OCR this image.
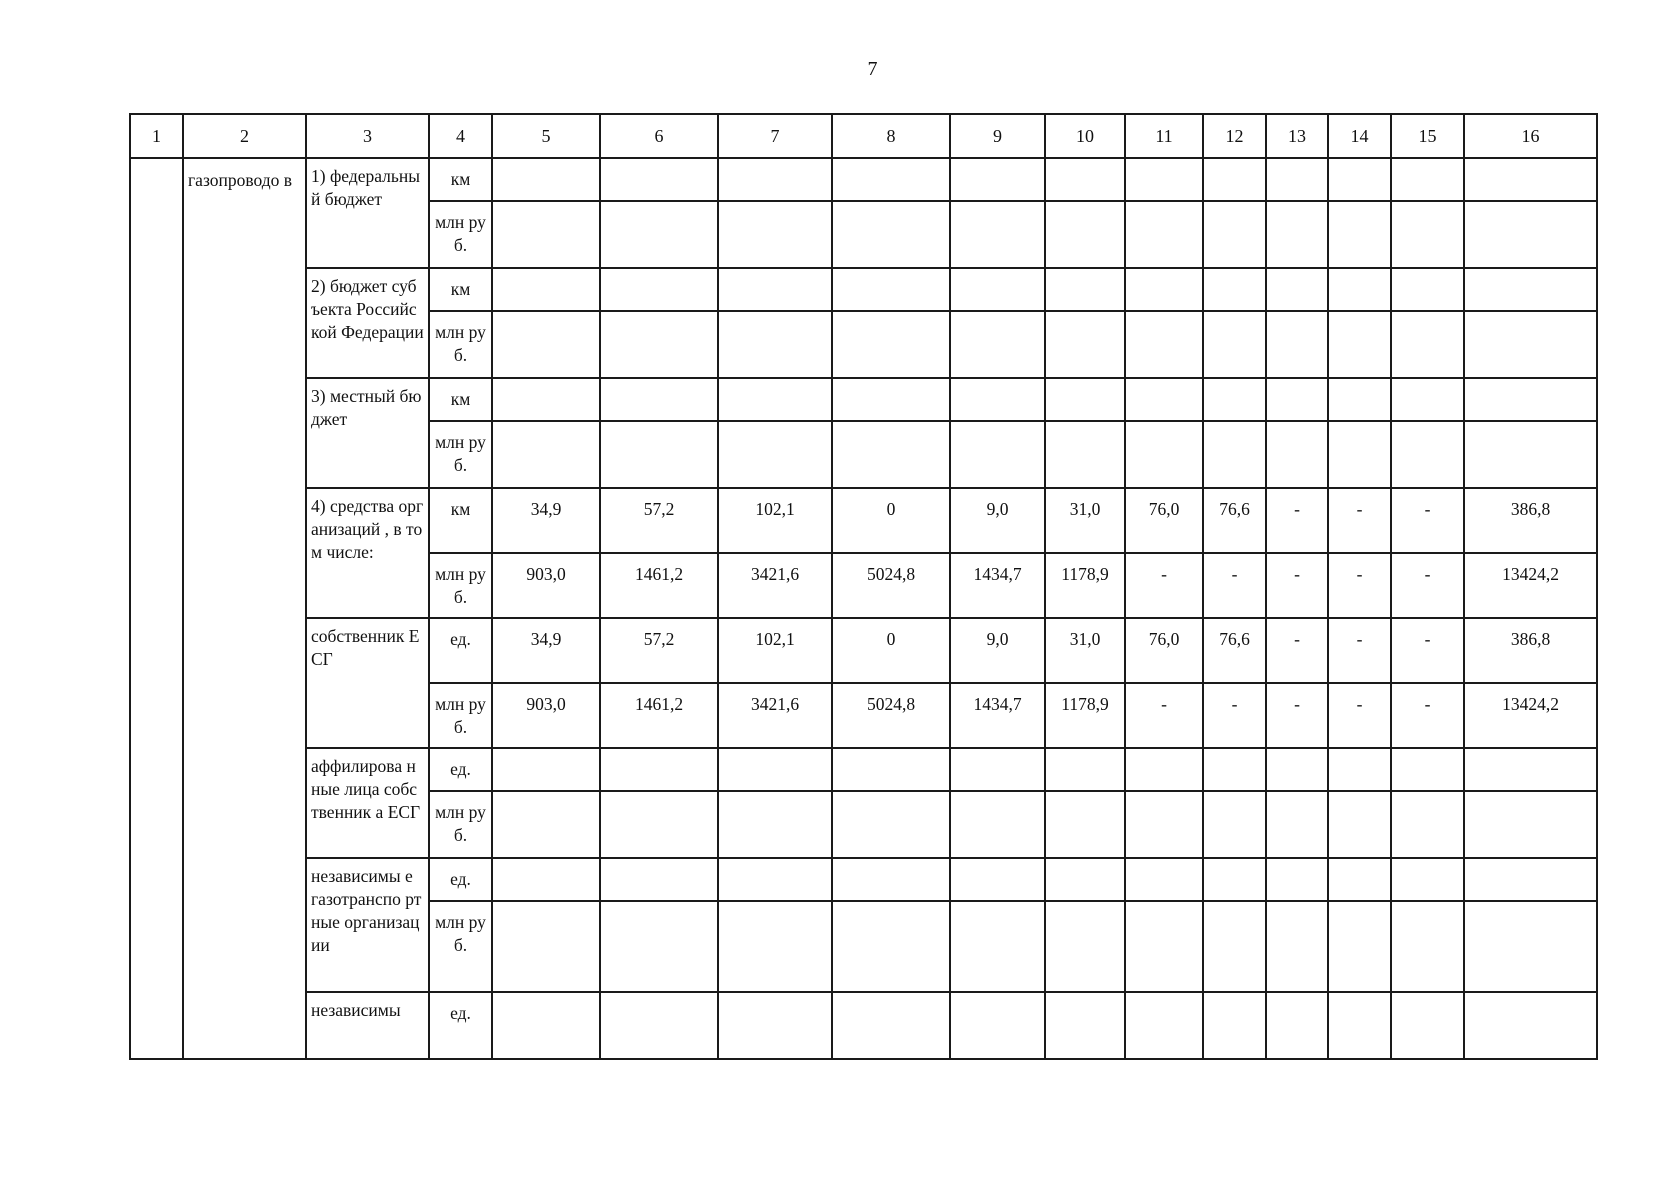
7
1	2	3	4	5	6	7	8	9	10	11	12	13	14	15	16
	газопроводо в	1) федеральны й бюджет	км												
			млн руб.												
		2) бюджет субъекта Российской Федерации	км												
			млн руб.												
		3) местный бюджет	км												
			млн руб.												
		4) средства организаций , в том числе:	км	34,9	57,2	102,1	0	9,0	31,0	76,0	76,6	-	-	-	386,8
			млн руб.	903,0	1461,2	3421,6	5024,8	1434,7	1178,9	-	-	-	-	-	13424,2
		собственник ЕСГ	ед.	34,9	57,2	102,1	0	9,0	31,0	76,0	76,6	-	-	-	386,8
			млн руб.	903,0	1461,2	3421,6	5024,8	1434,7	1178,9	-	-	-	-	-	13424,2
		аффилирова нные лица собственник а ЕСГ	ед.												
			млн руб.												
		независимы е газотранспо ртные организации	ед.												
			млн руб.												
		независимы	ед.												
